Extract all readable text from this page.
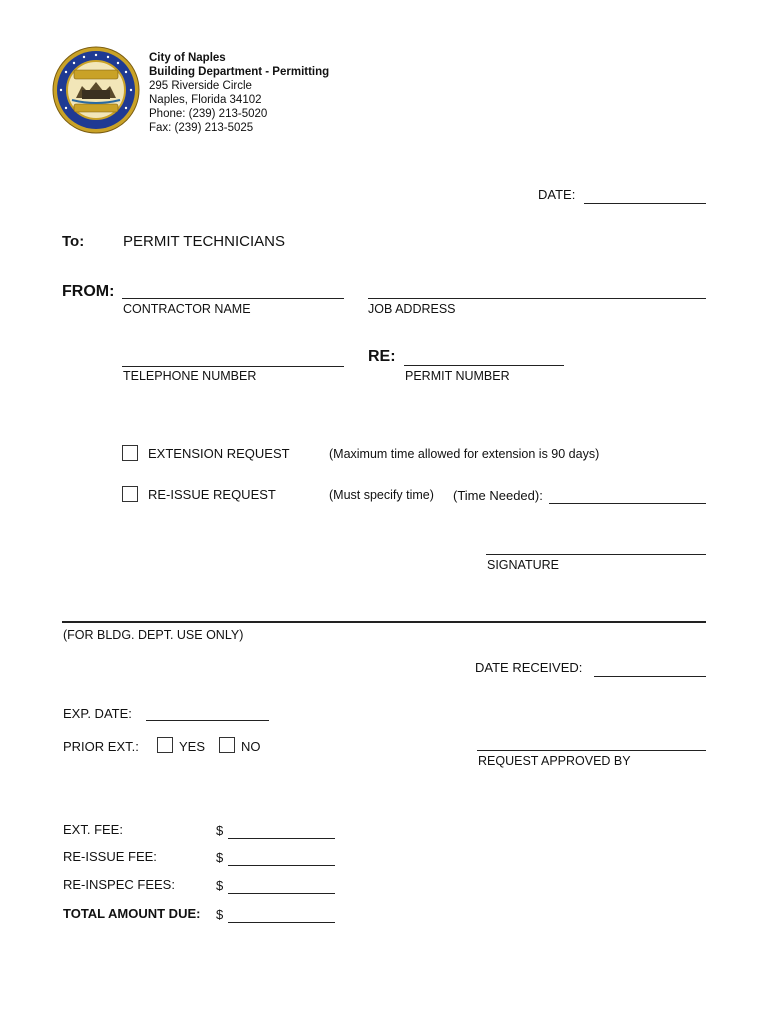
City of Naples
Building Department - Permitting
295 Riverside Circle
Naples, Florida 34102
Phone: (239) 213-5020
Fax: (239) 213-5025
DATE:
To:	PERMIT TECHNICIANS
FROM:
CONTRACTOR NAME	JOB ADDRESS
TELEPHONE NUMBER
RE:
PERMIT NUMBER
EXTENSION REQUEST	(Maximum time allowed for extension is 90 days)
RE-ISSUE REQUEST	(Must specify time) (Time Needed):
SIGNATURE
(FOR BLDG. DEPT. USE ONLY)
DATE RECEIVED:
EXP. DATE:
PRIOR EXT.:	YES	NO
REQUEST APPROVED BY
EXT. FEE:	$
RE-ISSUE FEE:	$
RE-INSPEC FEES:	$
TOTAL AMOUNT DUE: $
